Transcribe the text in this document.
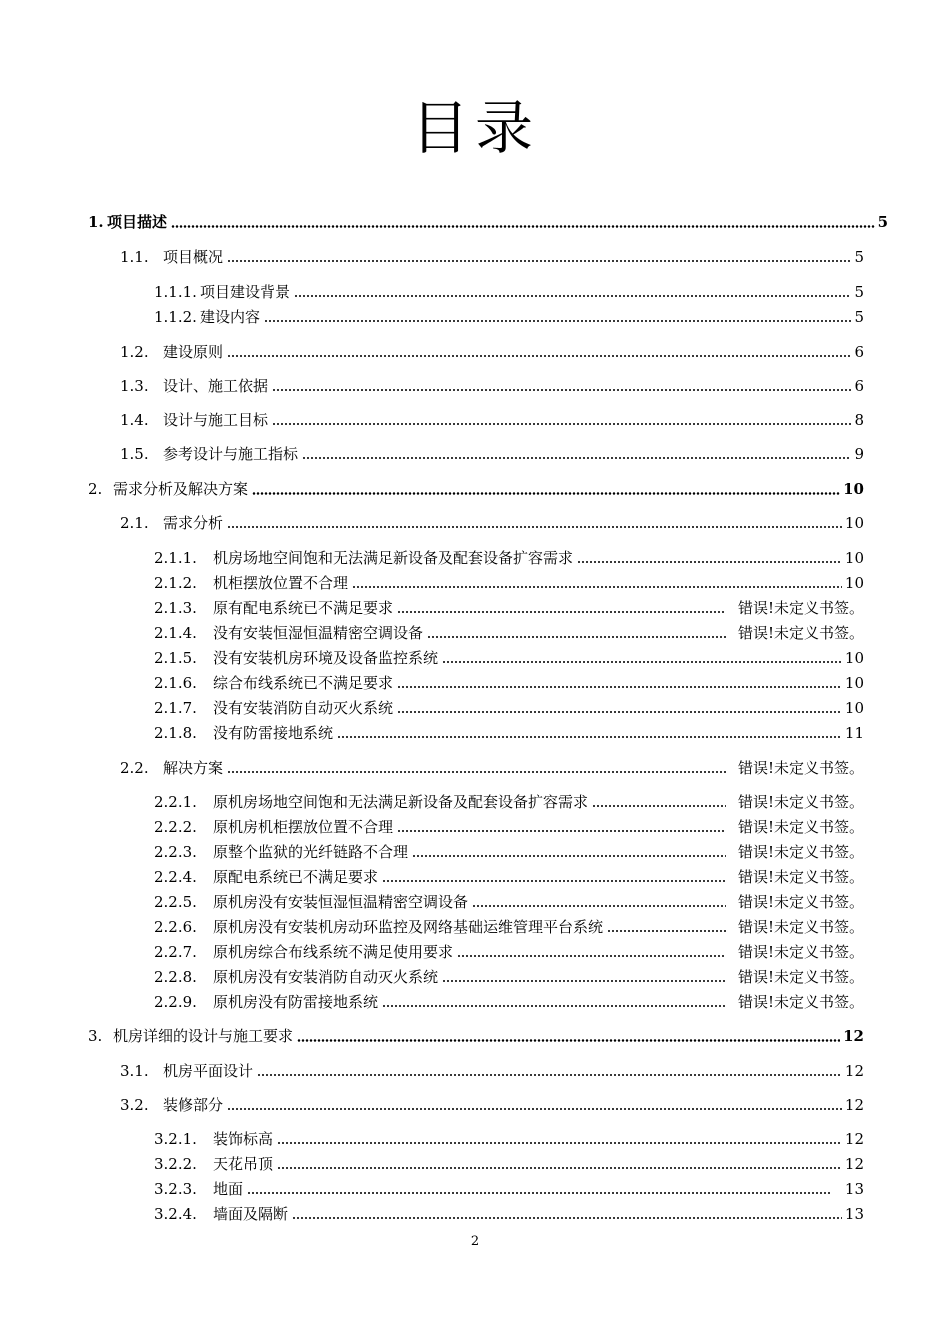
目录
1. 项目描述	5
1.1. 项目概况	5
1.1.1. 项目建设背景	5
1.1.2. 建设内容	5
1.2. 建设原则	6
1.3. 设计、施工依据	6
1.4. 设计与施工目标	8
1.5. 参考设计与施工指标	9
2. 需求分析及解决方案	10
2.1. 需求分析	10
2.1.1.	机房场地空间饱和无法满足新设备及配套设备扩容需求	10
2.1.2.	机柜摆放位置不合理	10
2.1.3.	原有配电系统已不满足要求	错误!未定义书签。
2.1.4.	没有安装恒湿恒温精密空调设备	错误!未定义书签。
2.1.5.	没有安装机房环境及设备监控系统	10
2.1.6.	综合布线系统已不满足要求	10
2.1.7.	没有安装消防自动灭火系统	10
2.1.8.	没有防雷接地系统	11
2.2. 解决方案	错误!未定义书签。
2.2.1.	原机房场地空间饱和无法满足新设备及配套设备扩容需求	错误!未定义书签。
2.2.2.	原机房机柜摆放位置不合理	错误!未定义书签。
2.2.3.	原整个监狱的光纤链路不合理	错误!未定义书签。
2.2.4.	原配电系统已不满足要求	错误!未定义书签。
2.2.5.	原机房没有安装恒湿恒温精密空调设备	错误!未定义书签。
2.2.6.	原机房没有安装机房动环监控及网络基础运维管理平台系统	错误!未定义书签。
2.2.7.	原机房综合布线系统不满足使用要求	错误!未定义书签。
2.2.8.	原机房没有安装消防自动灭火系统	错误!未定义书签。
2.2.9.	原机房没有防雷接地系统	错误!未定义书签。
3. 机房详细的设计与施工要求	12
3.1. 机房平面设计	12
3.2. 装修部分	12
3.2.1.	装饰标高	12
3.2.2.	天花吊顶	12
3.2.3.	地面	13
3.2.4.	墙面及隔断	13
2
